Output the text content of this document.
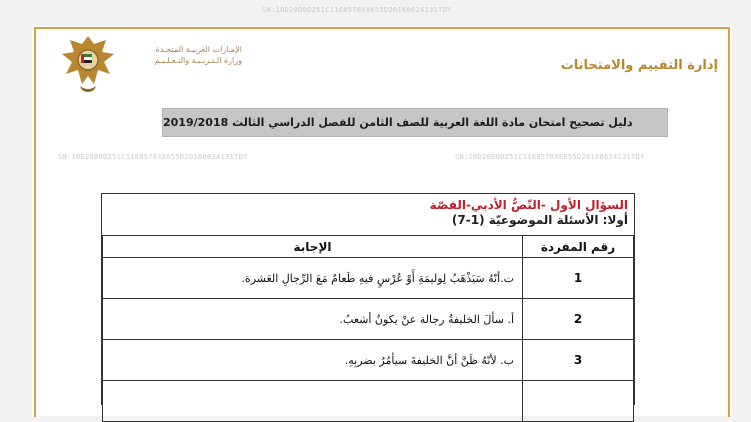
SN:10D20D0D251C1168570X8655D20160624131TDY
SN:10D20D0D251C1168570X8655D20160624131TDY	SN:10D20D0D251C1168570X8655D20160624131TDY
الإمـارات العربيـة المتحـدة
وزارة الـتـربـيـة والتـعـلـيـم	إدارة التقييم والامتحانات
دليل تصحيح امتحان مادة اللغة العربية للصف الثامن للفصل الدراسي الثالث 2019/2018
السؤال الأول -النّصُّ الأدبي-القصّة
أولا: الأسئلة الموضوعيّة (1-7)
رقم المفردة	الإجابة
1	ت.أنّهُ سَيَذْهَبُ لِوليمَةِ أَوْ عُرْسٍ فيهِ طَعامٌ مَعَ الرِّجالِ العَشرة.
2	أ. سألَ الخليفةُ رجالة عنْ يكونُ أشعبُ.
3	ب. لأنّهُ ظَنَّ أنَّ الخليفةَ سيأمُرُ بضربِهِ.
